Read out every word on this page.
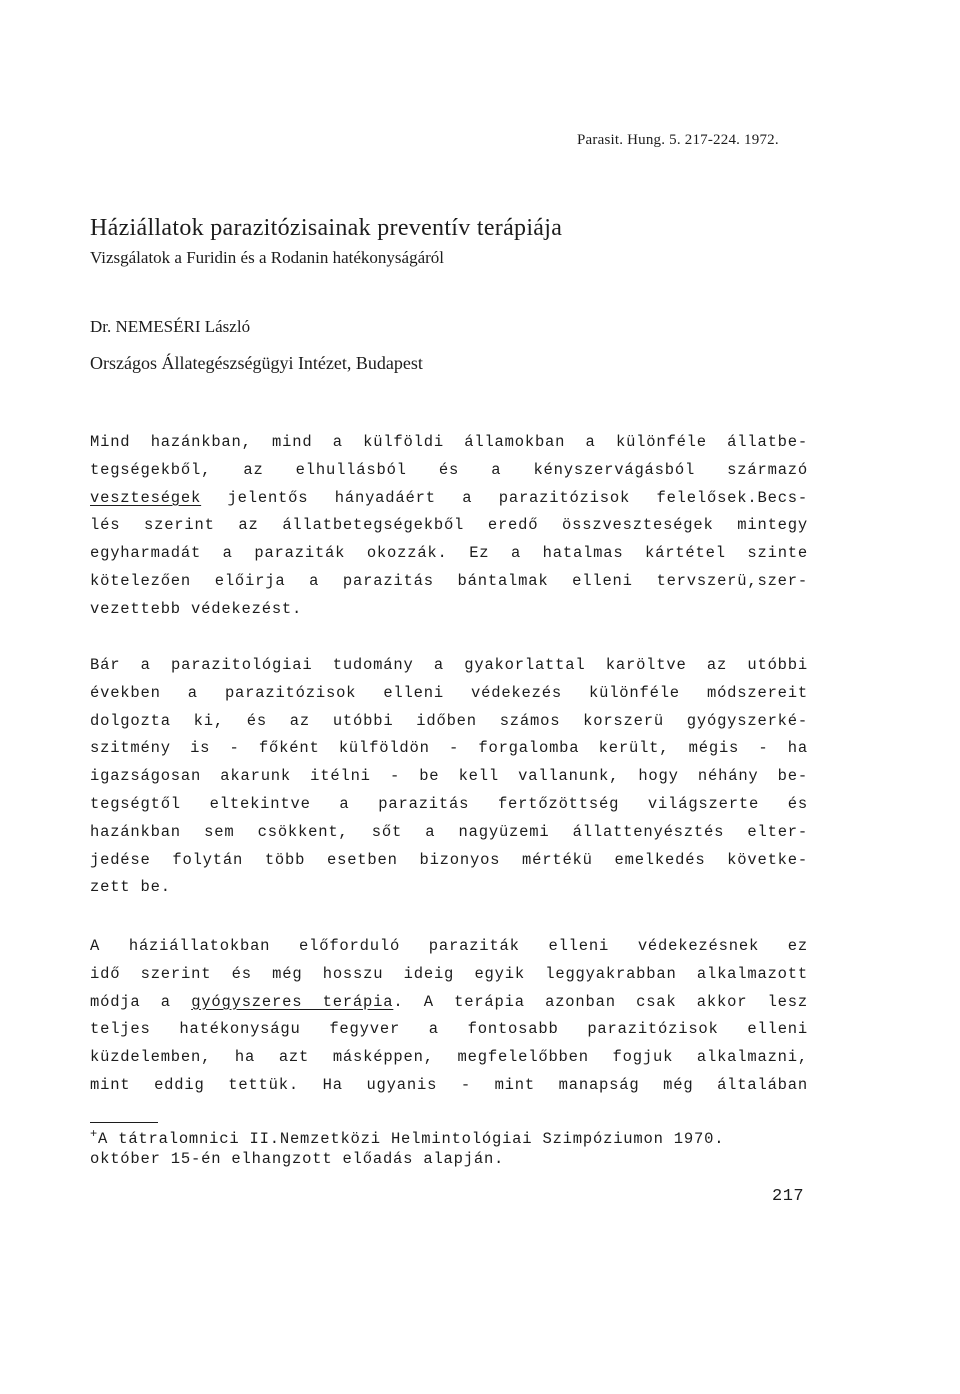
Parasit. Hung. 5. 217-224. 1972.
Háziállatok parazitózisainak preventív terápiája
Vizsgálatok a Furidin és a Rodanin hatékonyságáról
Dr. NEMESÉRI László
Országos Állategészségügyi Intézet, Budapest
Mind hazánkban, mind a külföldi államokban a különféle állatbe-
tegségekből, az elhullásból és a kényszervágásból származó
veszteségek jelentős hányadáért a parazitózisok felelősek.Becs-
lés szerint az állatbetegségekből eredő összveszteségek mintegy
egyharmadát a paraziták okozzák. Ez a hatalmas kártétel szinte
kötelezően előirja a parazitás bántalmak elleni tervszerü,szer-
vezettebb védekezést.
Bár a parazitológiai tudomány a gyakorlattal karöltve az utóbbi
években a parazitózisok elleni védekezés különféle módszereit
dolgozta ki, és az utóbbi időben számos korszerü gyógyszerké-
szitmény is - főként külföldön - forgalomba került, mégis - ha
igazságosan akarunk itélni - be kell vallanunk, hogy néhány be-
tegségtől eltekintve a parazitás fertőzöttség világszerte és
hazánkban sem csökkent, sőt a nagyüzemi állattenyésztés elter-
jedése folytán több esetben bizonyos mértékü emelkedés követke-
zett be.
A háziállatokban előforduló paraziták elleni védekezésnek ez
idő szerint és még hosszu ideig egyik leggyakrabban alkalmazott
módja a gyógyszeres terápia. A terápia azonban csak akkor lesz
teljes hatékonyságu fegyver a fontosabb parazitózisok elleni
küzdelemben, ha azt másképpen, megfelelőbben fogjuk alkalmazni,
mint eddig tettük. Ha ugyanis - mint manapság még általában
+A tátralomnici II.Nemzetközi Helmintológiai Szimpóziumon 1970.
október 15-én elhangzott előadás alapján.
217
